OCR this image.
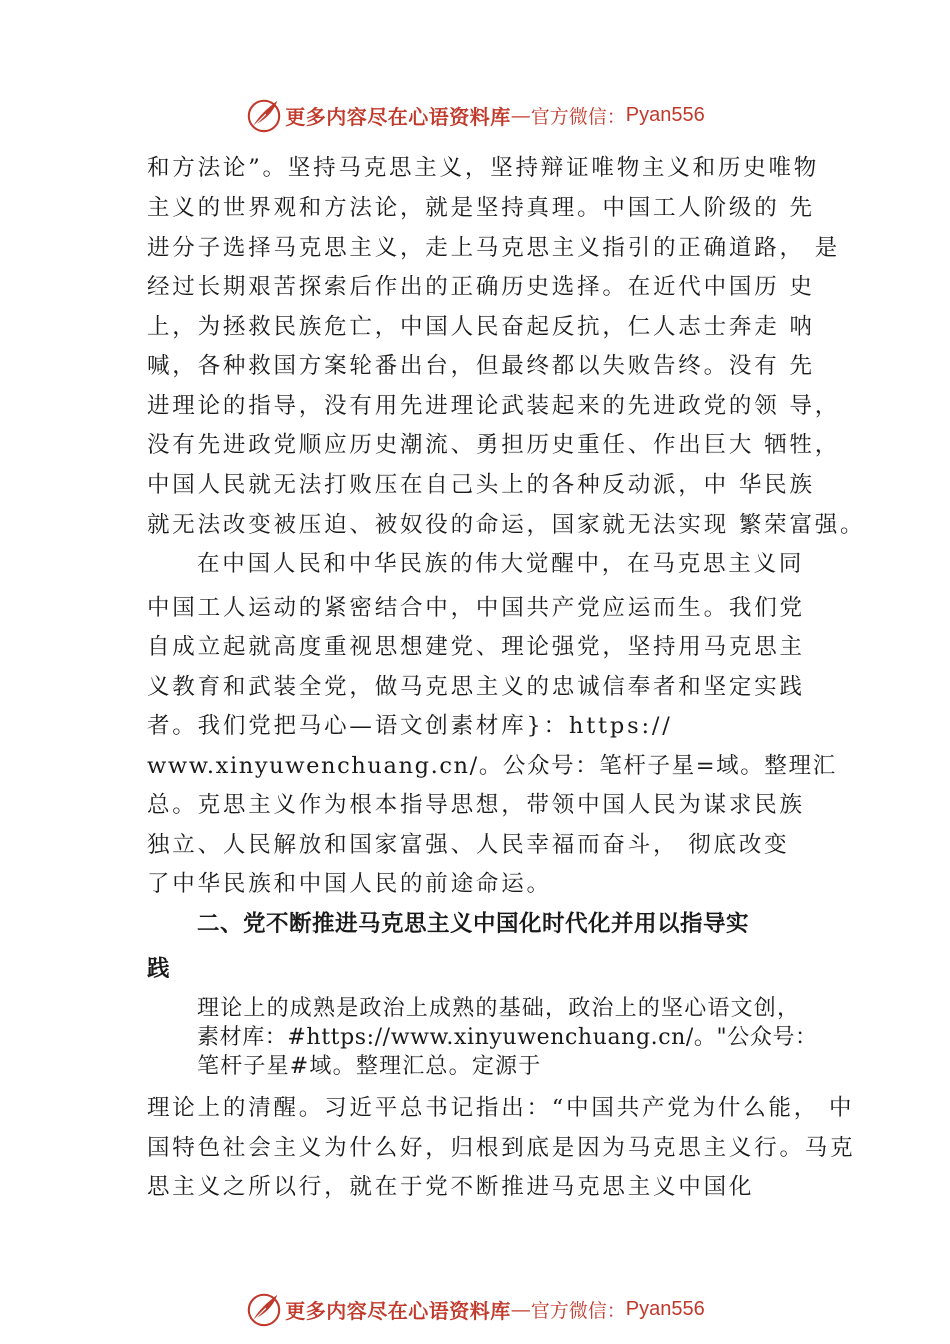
更多内容尽在心语资料库 — 官方微信： Pyan556

和方法论”。坚持马克思主义，坚持辩证唯物主义和历史唯物

主义的世界观和方法论，就是坚持真理。中国工人阶级的 先

进分子选择马克思主义，走上马克思主义指引的正确道路， 是

经过长期艰苦探索后作出的正确历史选择。在近代中国历 史

上，为拯救民族危亡，中国人民奋起反抗，仁人志士奔走 呐

喊，各种救国方案轮番出台，但最终都以失败告终。没有 先

进理论的指导，没有用先进理论武装起来的先进政党的领 导，

没有先进政党顺应历史潮流、勇担历史重任、作出巨大 牺牲，

中国人民就无法打败压在自己头上的各种反动派，中 华民族

就无法改变被压迫、被奴役的命运，国家就无法实现 繁荣富强。

在中国人民和中华民族的伟大觉醒中，在马克思主义同

中国工人运动的紧密结合中，中国共产党应运而生。我们党

自成立起就高度重视思想建党、理论强党，坚持用马克思主

义教育和武装全党，做马克思主义的忠诚信奉者和坚定实践

者。我们党把马心—语文创素材库}：https://

www.xinyuwenchuang.cn/。公众号：笔杆子星=域。整理汇

总。克思主义作为根本指导思想，带领中国人民为谋求民族

独立、人民解放和国家富强、人民幸福而奋斗， 彻底改变

了中华民族和中国人民的前途命运。

二、党不断推进马克思主义中国化时代化并用以指导实

践

理论上的成熟是政治上成熟的基础，政治上的坚心语文创，

素材库：#https://www.xinyuwenchuang.cn/。"公众号：

笔杆子星#域。整理汇总。定源于

理论上的清醒。习近平总书记指出：“中国共产党为什么能， 中

国特色社会主义为什么好，归根到底是因为马克思主义行。马克

思主义之所以行，就在于党不断推进马克思主义中国化

更多内容尽在心语资料库 — 官方微信： Pyan556
